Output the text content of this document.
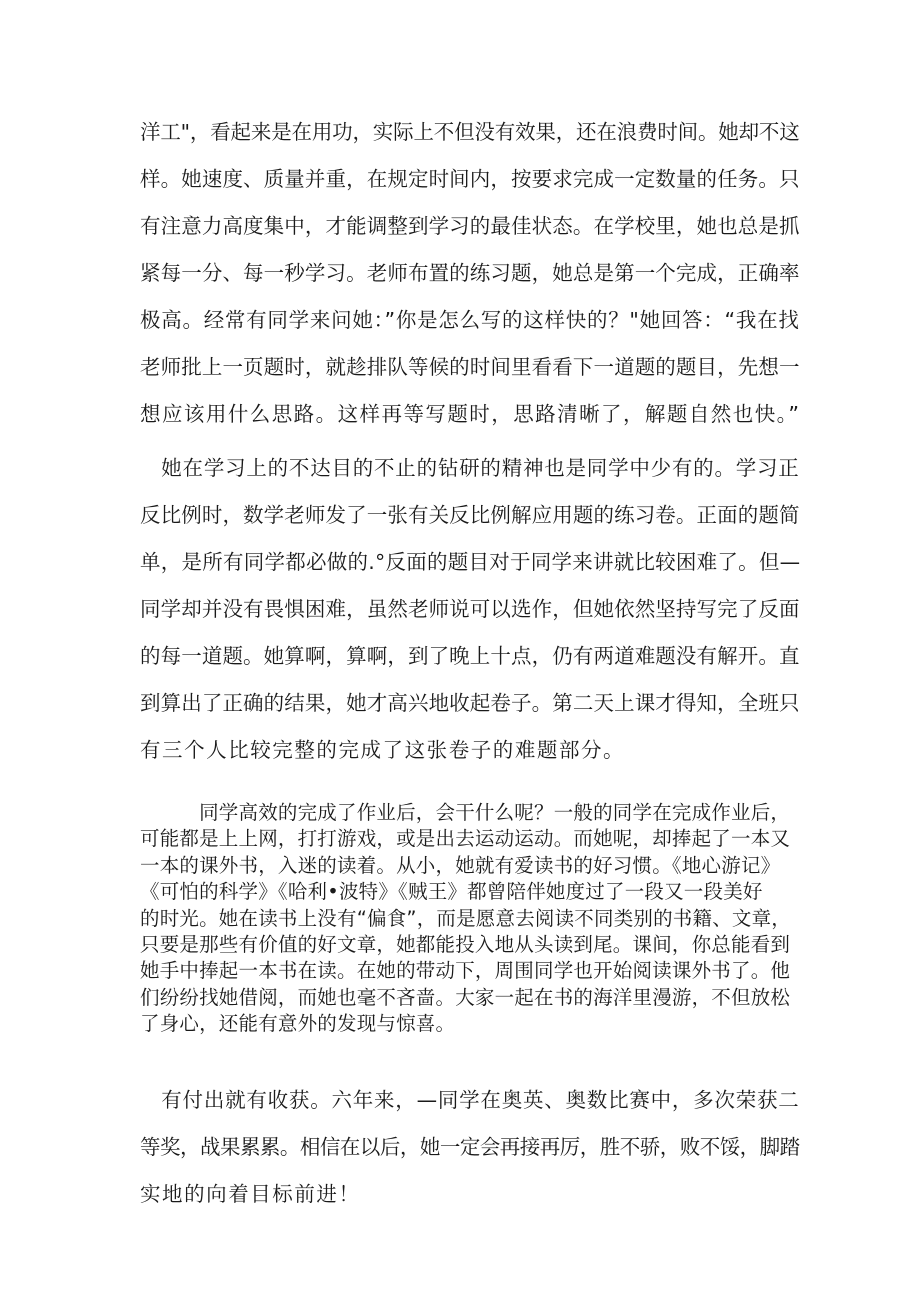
洋工"，看起来是在用功，实际上不但没有效果，还在浪费时间。她却不这
样。她速度、质量并重，在规定时间内，按要求完成一定数量的任务。只
有注意力高度集中，才能调整到学习的最佳状态。在学校里，她也总是抓
紧每一分、每一秒学习。老师布置的练习题，她总是第一个完成，正确率
极高。经常有同学来问她：”你是怎么写的这样快的？"她回答：“我在找
老师批上一页题时，就趁排队等候的时间里看看下一道题的题目，先想一
想应该用什么思路。这样再等写题时，思路清晰了，解题自然也快。”
　她在学习上的不达目的不止的钻研的精神也是同学中少有的。学习正
反比例时，数学老师发了一张有关反比例解应用题的练习卷。正面的题简
单，是所有同学都必做的.°反面的题目对于同学来讲就比较困难了。但—
同学却并没有畏惧困难，虽然老师说可以选作，但她依然坚持写完了反面
的每一道题。她算啊，算啊，到了晚上十点，仍有两道难题没有解开。直
到算出了正确的结果，她才高兴地收起卷子。第二天上课才得知，全班只
有三个人比较完整的完成了这张卷子的难题部分。
　　　同学高效的完成了作业后，会干什么呢？一般的同学在完成作业后，
可能都是上上网，打打游戏，或是出去运动运动。而她呢，却捧起了一本又
一本的课外书，入迷的读着。从小，她就有爱读书的好习惯。《地心游记》
《可怕的科学》《哈利•波特》《贼王》都曾陪伴她度过了一段又一段美好
的时光。她在读书上没有“偏食”，而是愿意去阅读不同类别的书籍、文章，
只要是那些有价值的好文章，她都能投入地从头读到尾。课间，你总能看到
她手中捧起一本书在读。在她的带动下，周围同学也开始阅读课外书了。他
们纷纷找她借阅，而她也毫不吝啬。大家一起在书的海洋里漫游，不但放松
了身心，还能有意外的发现与惊喜。
　有付出就有收获。六年来，—同学在奥英、奥数比赛中，多次荣获二
等奖，战果累累。相信在以后，她一定会再接再厉，胜不骄，败不馁，脚踏
实地的向着目标前进！
